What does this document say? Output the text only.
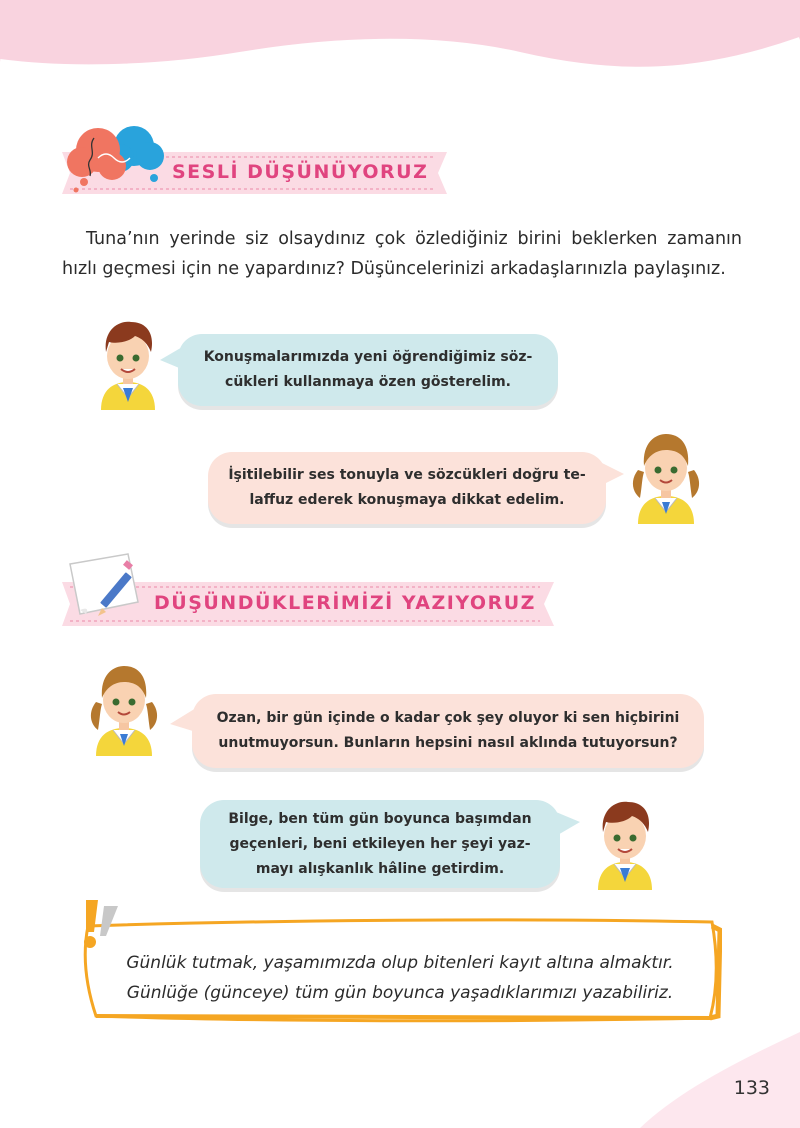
SESLİ DÜŞÜNÜYORUZ
Tuna’nın yerinde siz olsaydınız çok özlediğiniz birini beklerken zamanın hızlı geçmesi için ne yapardınız? Düşüncelerinizi arkadaşlarınızla paylaşınız.
Konuşmalarımızda yeni öğrendiğimiz söz-
cükleri kullanmaya özen gösterelim.
İşitilebilir ses tonuyla ve sözcükleri doğru te-
laffuz ederek konuşmaya dikkat edelim.
DÜŞÜNDÜKLERİMİZİ YAZIYORUZ
Ozan, bir gün içinde o kadar çok şey oluyor ki sen hiçbirini
unutmuyorsun. Bunların hepsini nasıl aklında tutuyorsun?
Bilge, ben tüm gün boyunca başımdan
geçenleri, beni etkileyen her şeyi yaz-
mayı alışkanlık hâline getirdim.
Günlük tutmak, yaşamımızda olup bitenleri kayıt altına almaktır.
Günlüğe (günceye) tüm gün boyunca yaşadıklarımızı yazabiliriz.
133
